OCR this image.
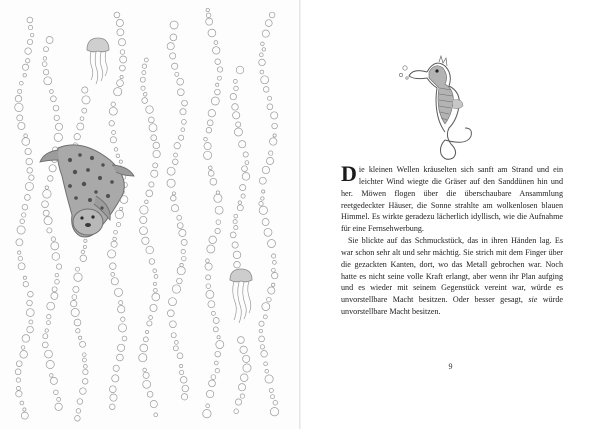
Die kleinen Wellen kräuselten sich sanft am Strand und ein leichter Wind wiegte die Gräser auf den Sanddünen hin und her. Möwen flogen über die überschaubare Ansammlung reetgedeckter Häuser, die Sonne strahlte am wolkenlosen blauen Himmel. Es wirkte geradezu lächerlich idyllisch, wie die Aufnahme für eine Fernsehwerbung.

Sie blickte auf das Schmuckstück, das in ihren Händen lag. Es war schon sehr alt und sehr mächtig. Sie strich mit dem Finger über die gezackten Kanten, dort, wo das Metall gebrochen war. Noch hatte es nicht seine volle Kraft erlangt, aber wenn ihr Plan aufging und es wieder mit seinem Gegenstück vereint war, würde es unvorstellbare Macht besitzen. Oder besser gesagt, sie würde unvorstellbare Macht besitzen.

9
